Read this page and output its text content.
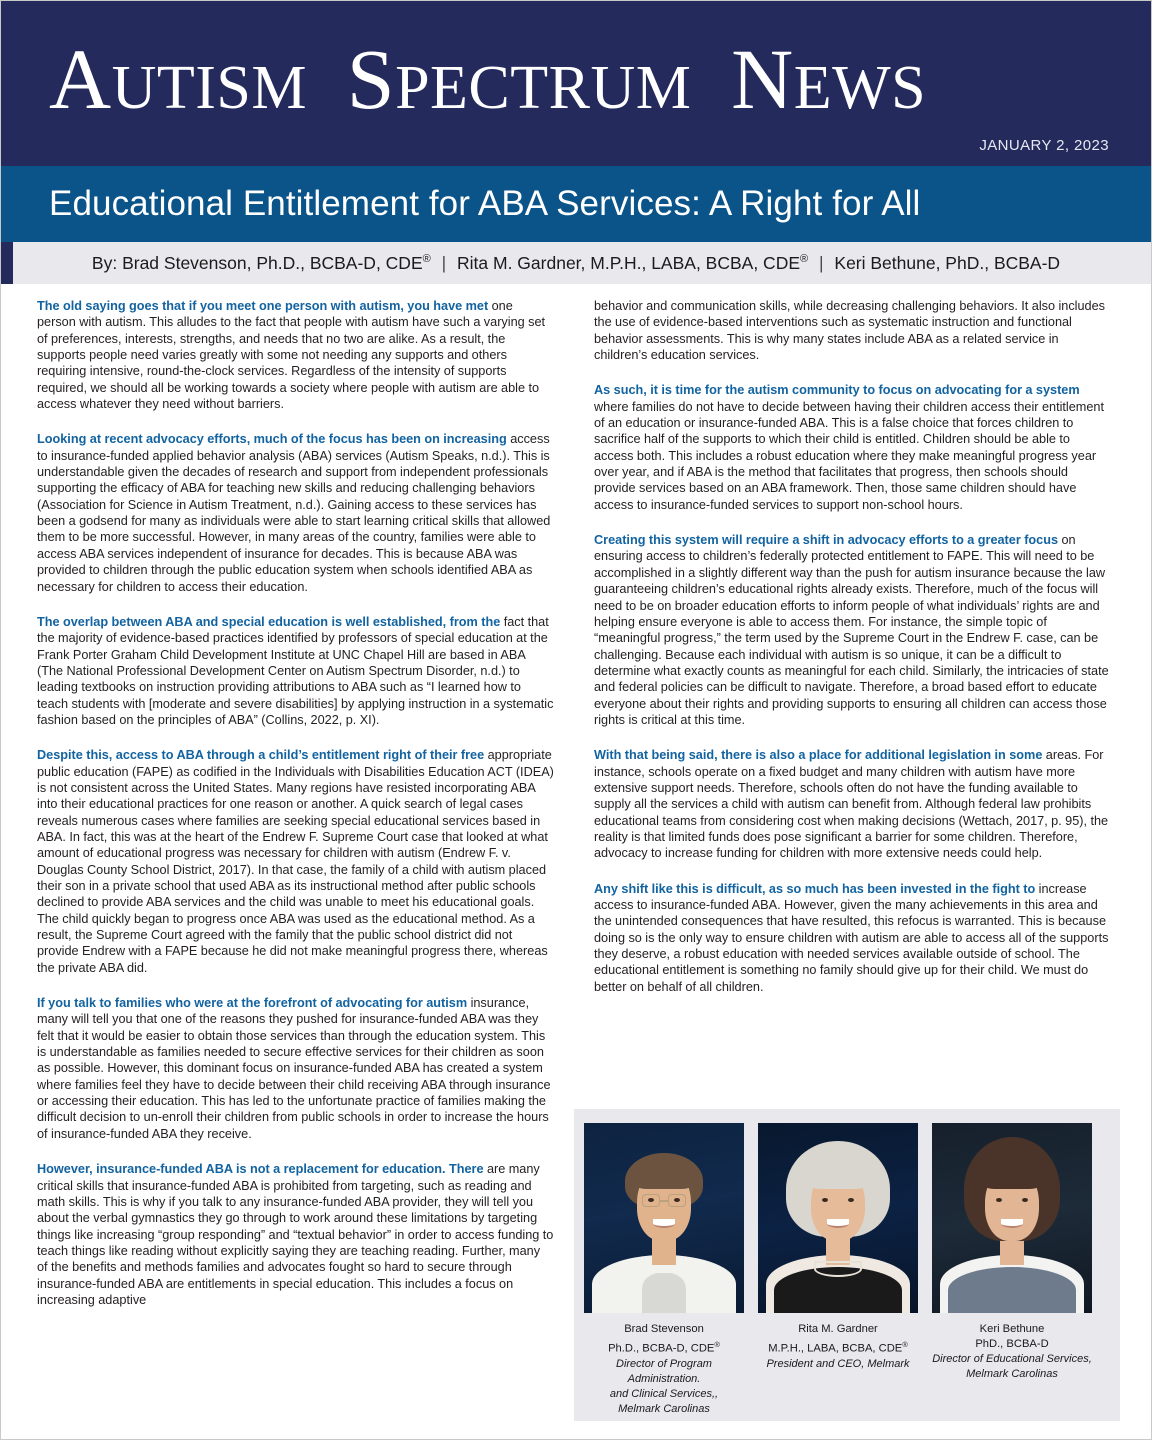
AUTISM  SPECTRUM  NEWS
JANUARY 2, 2023
Educational Entitlement for ABA Services: A Right for All
By: Brad Stevenson, Ph.D., BCBA-D, CDE® | Rita M. Gardner, M.P.H., LABA, BCBA, CDE® | Keri Bethune, PhD., BCBA-D

The old saying goes that if you meet one person with autism, you have met one person with autism. This alludes to the fact that people with autism have such a varying set of preferences, interests, strengths, and needs that no two are alike. As a result, the supports people need varies greatly with some not needing any supports and others requiring intensive, round-the-clock services. Regardless of the intensity of supports required, we should all be working towards a society where people with autism are able to access whatever they need without barriers.

Looking at recent advocacy efforts, much of the focus has been on increasing access to insurance-funded applied behavior analysis (ABA) services (Autism Speaks, n.d.). This is understandable given the decades of research and support from independent professionals supporting the efficacy of ABA for teaching new skills and reducing challenging behaviors (Association for Science in Autism Treatment, n.d.). Gaining access to these services has been a godsend for many as individuals were able to start learning critical skills that allowed them to be more successful. However, in many areas of the country, families were able to access ABA services independent of insurance for decades. This is because ABA was provided to children through the public education system when schools identified ABA as necessary for children to access their education.

The overlap between ABA and special education is well established, from the fact that the majority of evidence-based practices identified by professors of special education at the Frank Porter Graham Child Development Institute at UNC Chapel Hill are based in ABA (The National Professional Development Center on Autism Spectrum Disorder, n.d.) to leading textbooks on instruction providing attributions to ABA such as “I learned how to teach students with [moderate and severe disabilities] by applying instruction in a systematic fashion based on the principles of ABA” (Collins, 2022, p. XI).

Despite this, access to ABA through a child’s entitlement right of their free appropriate public education (FAPE) as codified in the Individuals with Disabilities Education ACT (IDEA) is not consistent across the United States. Many regions have resisted incorporating ABA into their educational practices for one reason or another. A quick search of legal cases reveals numerous cases where families are seeking special educational services based in ABA. In fact, this was at the heart of the Endrew F. Supreme Court case that looked at what amount of educational progress was necessary for children with autism (Endrew F. v. Douglas County School District, 2017). In that case, the family of a child with autism placed their son in a private school that used ABA as its instructional method after public schools declined to provide ABA services and the child was unable to meet his educational goals. The child quickly began to progress once ABA was used as the educational method. As a result, the Supreme Court agreed with the family that the public school district did not provide Endrew with a FAPE because he did not make meaningful progress there, whereas the private ABA did.

If you talk to families who were at the forefront of advocating for autism insurance, many will tell you that one of the reasons they pushed for insurance-funded ABA was they felt that it would be easier to obtain those services than through the education system. This is understandable as families needed to secure effective services for their children as soon as possible. However, this dominant focus on insurance-funded ABA has created a system where families feel they have to decide between their child receiving ABA through insurance or accessing their education. This has led to the unfortunate practice of families making the difficult decision to un-enroll their children from public schools in order to increase the hours of insurance-funded ABA they receive.

However, insurance-funded ABA is not a replacement for education. There are many critical skills that insurance-funded ABA is prohibited from targeting, such as reading and math skills. This is why if you talk to any insurance-funded ABA provider, they will tell you about the verbal gymnastics they go through to work around these limitations by targeting things like increasing “group responding” and “textual behavior” in order to access funding to teach things like reading without explicitly saying they are teaching reading. Further, many of the benefits and methods families and advocates fought so hard to secure through insurance-funded ABA are entitlements in special education. This includes a focus on increasing adaptive

behavior and communication skills, while decreasing challenging behaviors. It also includes the use of evidence-based interventions such as systematic instruction and functional behavior assessments. This is why many states include ABA as a related service in children’s education services.

As such, it is time for the autism community to focus on advocating for a system where families do not have to decide between having their children access their entitlement of an education or insurance-funded ABA. This is a false choice that forces children to sacrifice half of the supports to which their child is entitled. Children should be able to access both. This includes a robust education where they make meaningful progress year over year, and if ABA is the method that facilitates that progress, then schools should provide services based on an ABA framework. Then, those same children should have access to insurance-funded services to support non-school hours.

Creating this system will require a shift in advocacy efforts to a greater focus on ensuring access to children’s federally protected entitlement to FAPE. This will need to be accomplished in a slightly different way than the push for autism insurance because the law guaranteeing children’s educational rights already exists. Therefore, much of the focus will need to be on broader education efforts to inform people of what individuals’ rights are and helping ensure everyone is able to access them. For instance, the simple topic of “meaningful progress,” the term used by the Supreme Court in the Endrew F. case, can be challenging. Because each individual with autism is so unique, it can be a difficult to determine what exactly counts as meaningful for each child. Similarly, the intricacies of state and federal policies can be difficult to navigate. Therefore, a broad based effort to educate everyone about their rights and providing supports to ensuring all children can access those rights is critical at this time.

With that being said, there is also a place for additional legislation in some areas. For instance, schools operate on a fixed budget and many children with autism have more extensive support needs. Therefore, schools often do not have the funding available to supply all the services a child with autism can benefit from. Although federal law prohibits educational teams from considering cost when making decisions (Wettach, 2017, p. 95), the reality is that limited funds does pose significant a barrier for some children. Therefore, advocacy to increase funding for children with more extensive needs could help.

Any shift like this is difficult, as so much has been invested in the fight to increase access to insurance-funded ABA. However, given the many achievements in this area and the unintended consequences that have resulted, this refocus is warranted. This is because doing so is the only way to ensure children with autism are able to access all of the supports they deserve, a robust education with needed services available outside of school. The educational entitlement is something no family should give up for their child. We must do better on behalf of all children.

Brad Stevenson
Ph.D., BCBA-D, CDE®
Director of Program Administration.
and Clinical Services,,
Melmark Carolinas
Rita M. Gardner
M.P.H., LABA, BCBA, CDE®
President and CEO, Melmark
Keri Bethune
PhD., BCBA-D
Director of Educational Services,
Melmark Carolinas
